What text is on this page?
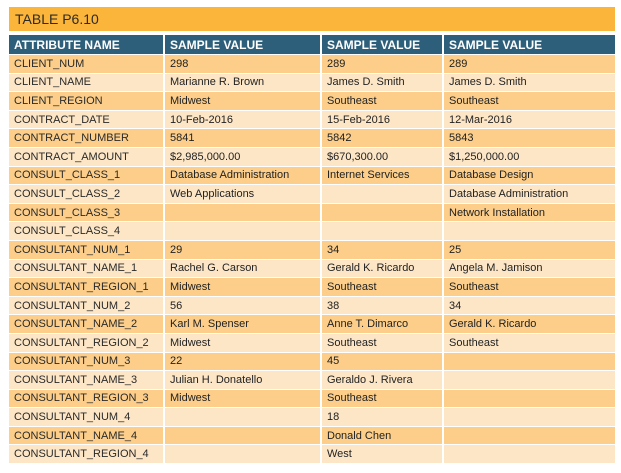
TABLE P6.10
ATTRIBUTE NAME	SAMPLE VALUE	SAMPLE VALUE	SAMPLE VALUE
CLIENT_NUM	298	289	289
CLIENT_NAME	Marianne R. Brown	James D. Smith	James D. Smith
CLIENT_REGION	Midwest	Southeast	Southeast
CONTRACT_DATE	10-Feb-2016	15-Feb-2016	12-Mar-2016
CONTRACT_NUMBER	5841	5842	5843
CONTRACT_AMOUNT	$2,985,000.00	$670,300.00	$1,250,000.00
CONSULT_CLASS_1	Database Administration	Internet Services	Database Design
CONSULT_CLASS_2	Web Applications		Database Administration
CONSULT_CLASS_3			Network Installation
CONSULT_CLASS_4			
CONSULTANT_NUM_1	29	34	25
CONSULTANT_NAME_1	Rachel G. Carson	Gerald K. Ricardo	Angela M. Jamison
CONSULTANT_REGION_1	Midwest	Southeast	Southeast
CONSULTANT_NUM_2	56	38	34
CONSULTANT_NAME_2	Karl M. Spenser	Anne T. Dimarco	Gerald K. Ricardo
CONSULTANT_REGION_2	Midwest	Southeast	Southeast
CONSULTANT_NUM_3	22	45	
CONSULTANT_NAME_3	Julian H. Donatello	Geraldo J. Rivera	
CONSULTANT_REGION_3	Midwest	Southeast	
CONSULTANT_NUM_4		18	
CONSULTANT_NAME_4		Donald Chen	
CONSULTANT_REGION_4		West	
